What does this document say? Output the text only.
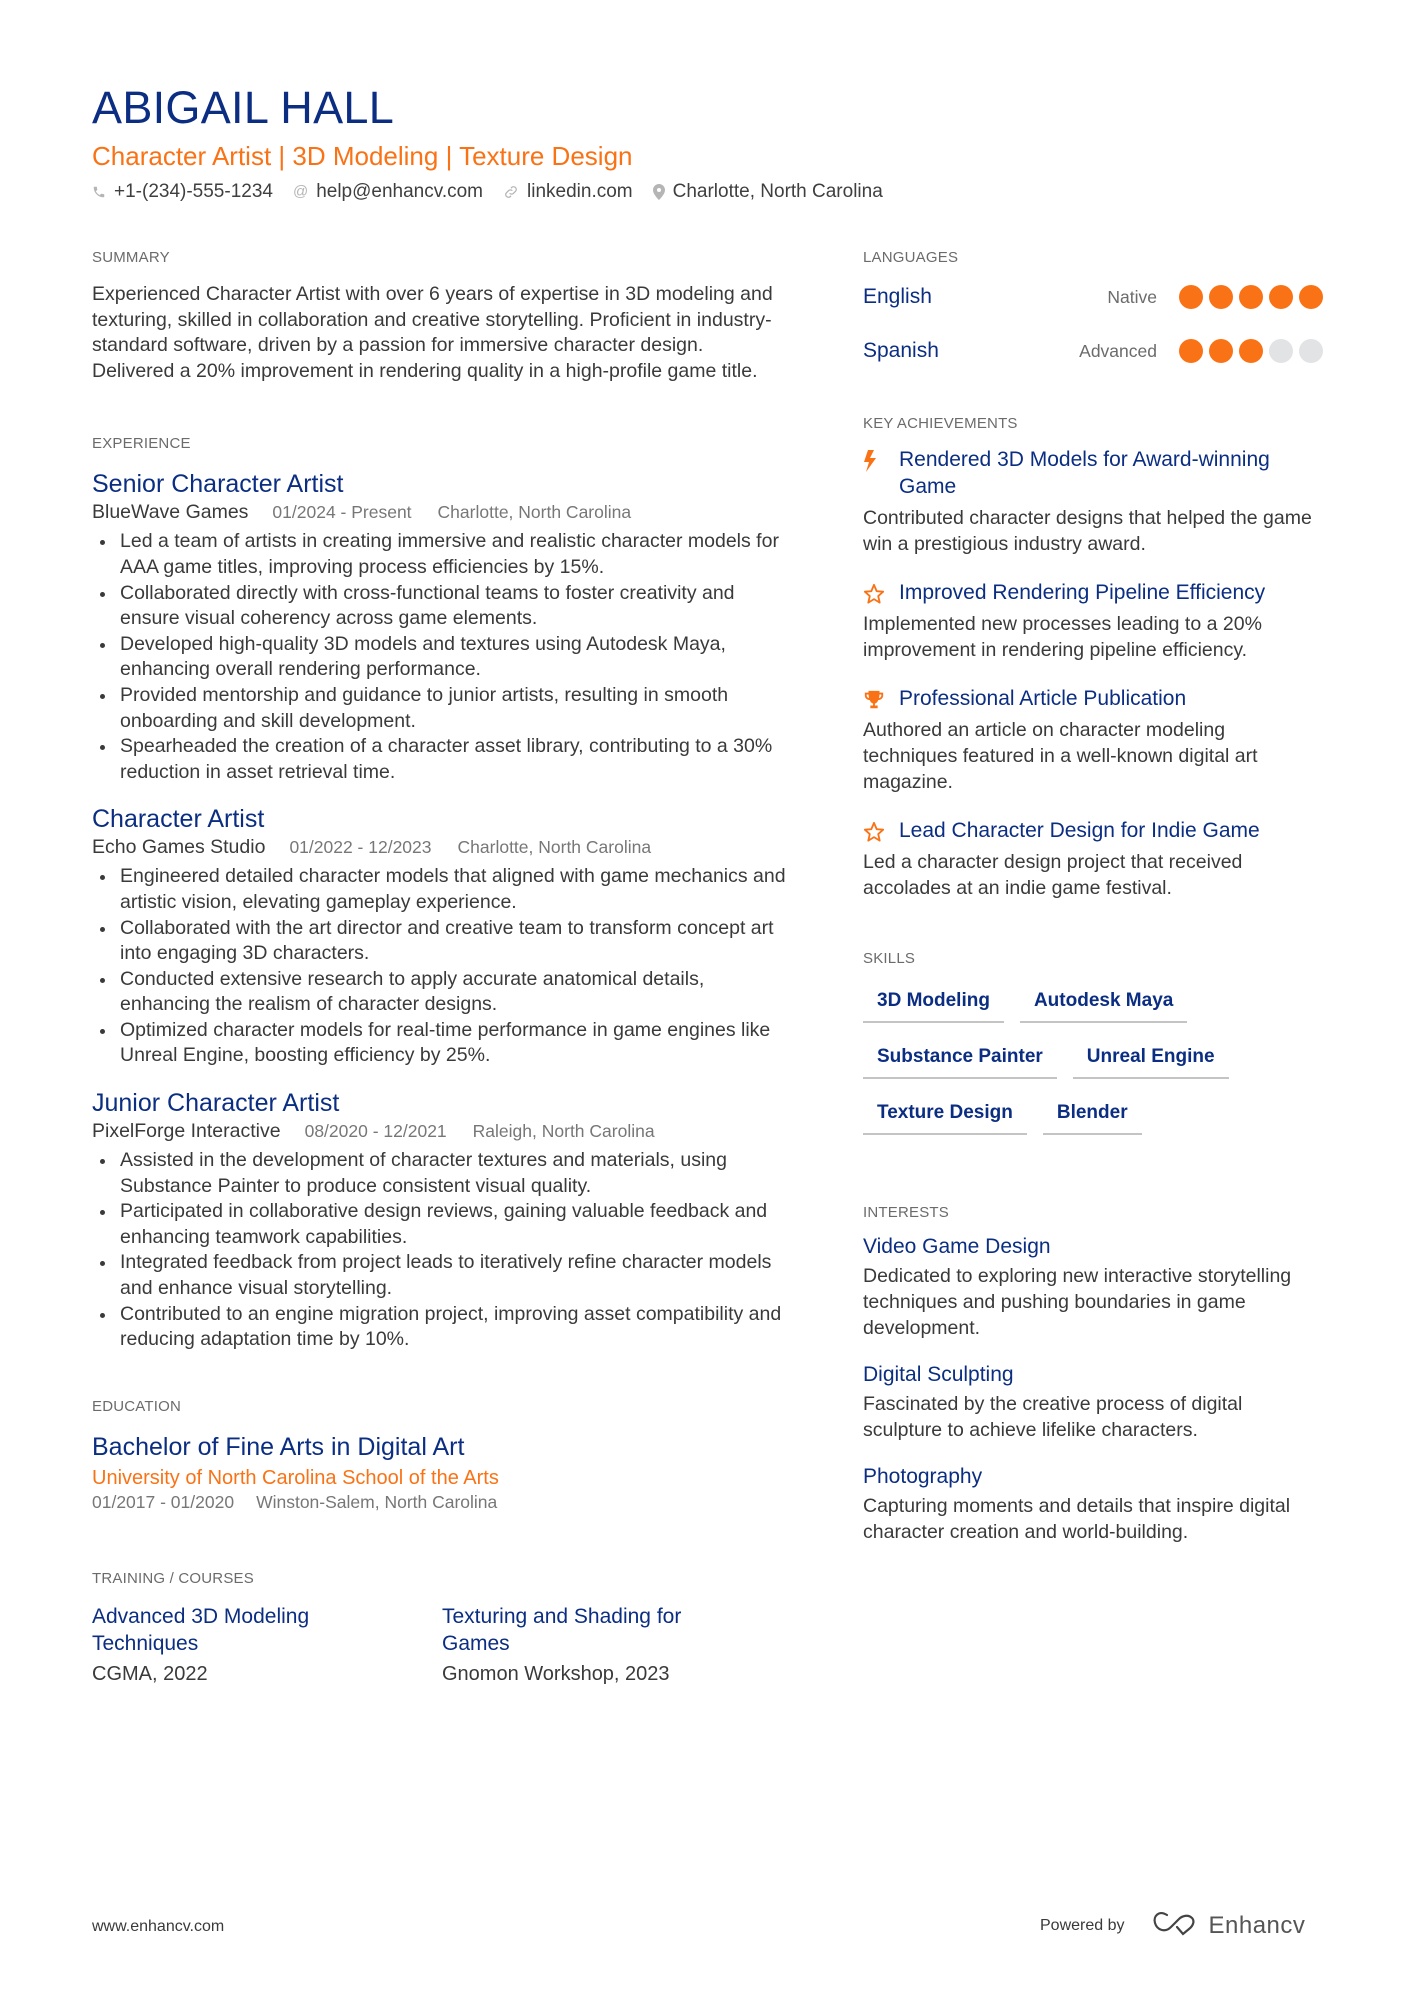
ABIGAIL HALL
Character Artist | 3D Modeling | Texture Design
+1-(234)-555-1234 @ help@enhancv.com linkedin.com Charlotte, North Carolina
SUMMARY
Experienced Character Artist with over 6 years of expertise in 3D modeling and texturing, skilled in collaboration and creative storytelling. Proficient in industry-standard software, driven by a passion for immersive character design. Delivered a 20% improvement in rendering quality in a high-profile game title.
EXPERIENCE
Senior Character Artist
BlueWave Games 01/2024 - Present Charlotte, North Carolina
Led a team of artists in creating immersive and realistic character models for AAA game titles, improving process efficiencies by 15%.
Collaborated directly with cross-functional teams to foster creativity and ensure visual coherency across game elements.
Developed high-quality 3D models and textures using Autodesk Maya, enhancing overall rendering performance.
Provided mentorship and guidance to junior artists, resulting in smooth onboarding and skill development.
Spearheaded the creation of a character asset library, contributing to a 30% reduction in asset retrieval time.
Character Artist
Echo Games Studio 01/2022 - 12/2023 Charlotte, North Carolina
Engineered detailed character models that aligned with game mechanics and artistic vision, elevating gameplay experience.
Collaborated with the art director and creative team to transform concept art into engaging 3D characters.
Conducted extensive research to apply accurate anatomical details, enhancing the realism of character designs.
Optimized character models for real-time performance in game engines like Unreal Engine, boosting efficiency by 25%.
Junior Character Artist
PixelForge Interactive 08/2020 - 12/2021 Raleigh, North Carolina
Assisted in the development of character textures and materials, using Substance Painter to produce consistent visual quality.
Participated in collaborative design reviews, gaining valuable feedback and enhancing teamwork capabilities.
Integrated feedback from project leads to iteratively refine character models and enhance visual storytelling.
Contributed to an engine migration project, improving asset compatibility and reducing adaptation time by 10%.
EDUCATION
Bachelor of Fine Arts in Digital Art
University of North Carolina School of the Arts
01/2017 - 01/2020 Winston-Salem, North Carolina
TRAINING / COURSES
Advanced 3D Modeling Techniques
CGMA, 2022
Texturing and Shading for Games
Gnomon Workshop, 2023
LANGUAGES
English	Native
Spanish	Advanced
KEY ACHIEVEMENTS
Rendered 3D Models for Award-winning Game
Contributed character designs that helped the game win a prestigious industry award.
Improved Rendering Pipeline Efficiency
Implemented new processes leading to a 20% improvement in rendering pipeline efficiency.
Professional Article Publication
Authored an article on character modeling techniques featured in a well-known digital art magazine.
Lead Character Design for Indie Game
Led a character design project that received accolades at an indie game festival.
SKILLS
3D Modeling	Autodesk Maya
Substance Painter	Unreal Engine
Texture Design	Blender
INTERESTS
Video Game Design
Dedicated to exploring new interactive storytelling techniques and pushing boundaries in game development.
Digital Sculpting
Fascinated by the creative process of digital sculpture to achieve lifelike characters.
Photography
Capturing moments and details that inspire digital character creation and world-building.
www.enhancv.com	Powered by	Enhancv
